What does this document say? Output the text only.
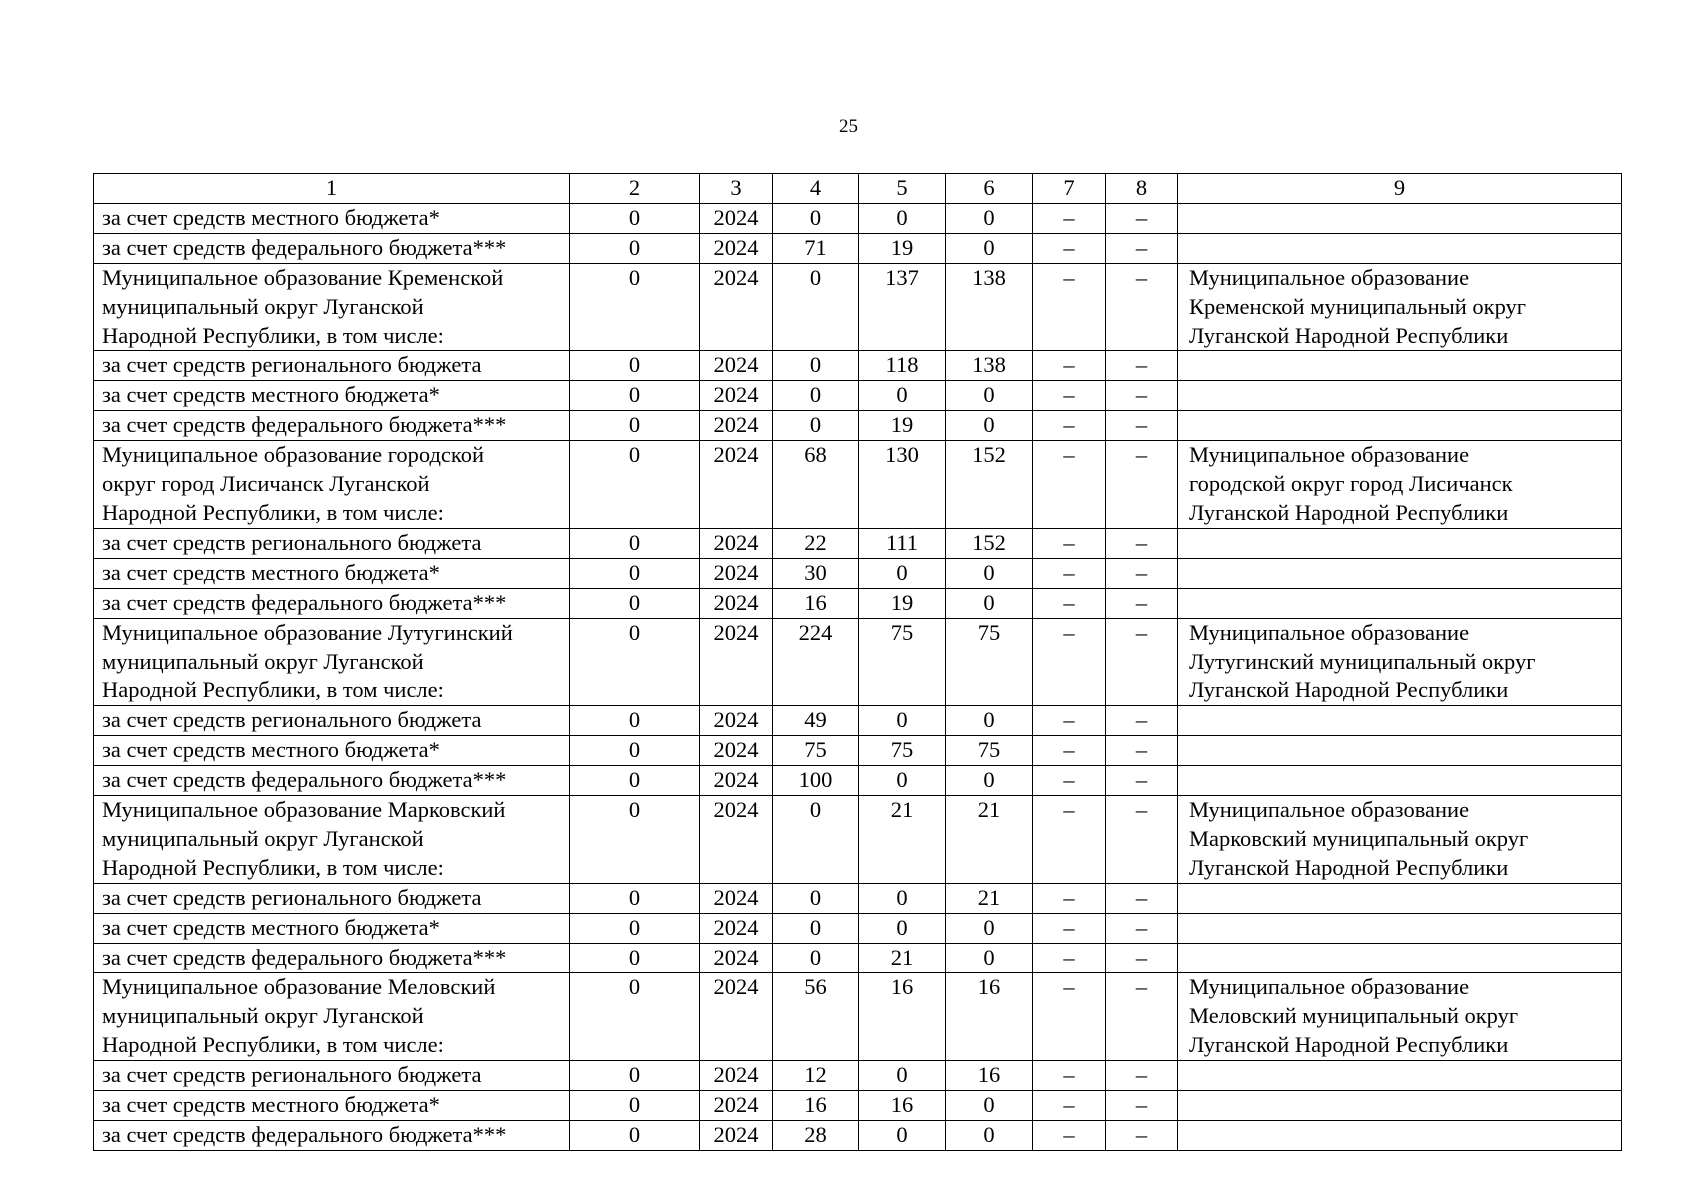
25
1	2	3	4	5	6	7	8	9

за счет средств местного бюджета*	0	2024	0	0	0	–	–	

за счет средств федерального бюджета***	0	2024	71	19	0	–	–	

Муниципальное образование Кременской
муниципальный округ Луганской
Народной Республики, в том числе:	0	2024	0	137	138	–	–	Муниципальное образование
Кременской муниципальный округ
Луганской Народной Республики

за счет средств регионального бюджета	0	2024	0	118	138	–	–	

за счет средств местного бюджета*	0	2024	0	0	0	–	–	

за счет средств федерального бюджета***	0	2024	0	19	0	–	–	

Муниципальное образование городской
округ город Лисичанск Луганской
Народной Республики, в том числе:	0	2024	68	130	152	–	–	Муниципальное образование
городской округ город Лисичанск
Луганской Народной Республики

за счет средств регионального бюджета	0	2024	22	111	152	–	–	

за счет средств местного бюджета*	0	2024	30	0	0	–	–	

за счет средств федерального бюджета***	0	2024	16	19	0	–	–	

Муниципальное образование Лутугинский
муниципальный округ Луганской
Народной Республики, в том числе:	0	2024	224	75	75	–	–	Муниципальное образование
Лутугинский муниципальный округ
Луганской Народной Республики

за счет средств регионального бюджета	0	2024	49	0	0	–	–	

за счет средств местного бюджета*	0	2024	75	75	75	–	–	

за счет средств федерального бюджета***	0	2024	100	0	0	–	–	

Муниципальное образование Марковский
муниципальный округ Луганской
Народной Республики, в том числе:	0	2024	0	21	21	–	–	Муниципальное образование
Марковский муниципальный округ
Луганской Народной Республики

за счет средств регионального бюджета	0	2024	0	0	21	–	–	

за счет средств местного бюджета*	0	2024	0	0	0	–	–	

за счет средств федерального бюджета***	0	2024	0	21	0	–	–	

Муниципальное образование Меловский
муниципальный округ Луганской
Народной Республики, в том числе:	0	2024	56	16	16	–	–	Муниципальное образование
Меловский муниципальный округ
Луганской Народной Республики

за счет средств регионального бюджета	0	2024	12	0	16	–	–	

за счет средств местного бюджета*	0	2024	16	16	0	–	–	

за счет средств федерального бюджета***	0	2024	28	0	0	–	–	
